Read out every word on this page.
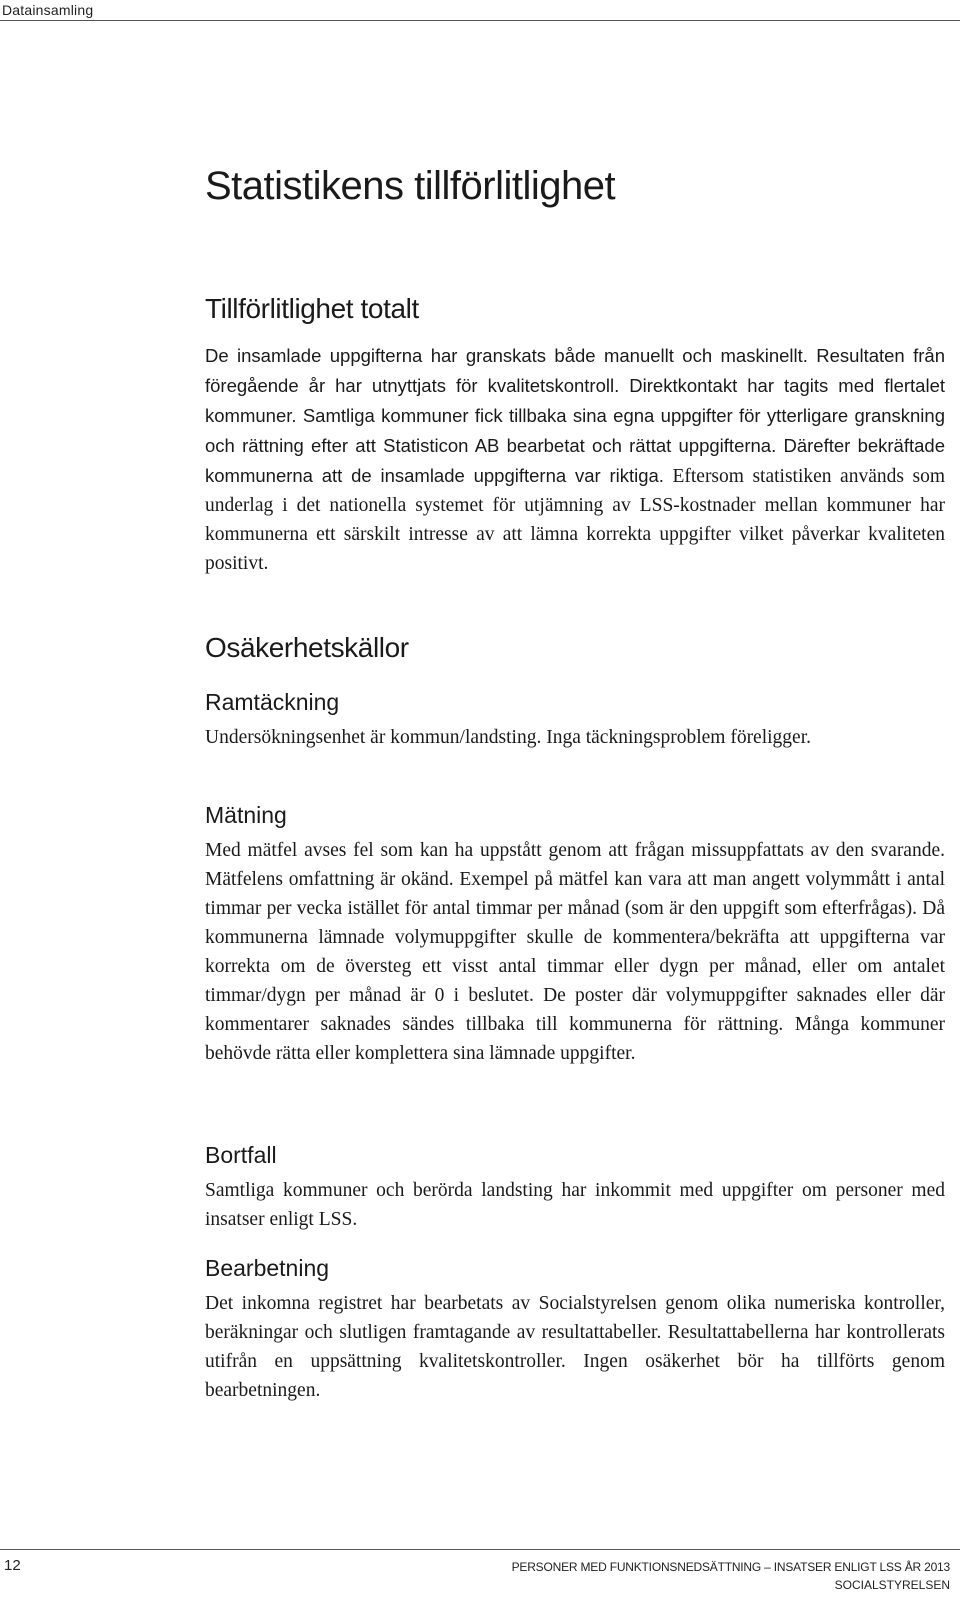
Datainsamling
Statistikens tillförlitlighet
Tillförlitlighet totalt

De insamlade uppgifterna har granskats både manuellt och maskinellt. Resultaten från föregående år har utnyttjats för kvalitetskontroll. Direktkontakt har tagits med flertalet kommuner. Samtliga kommuner fick tillbaka sina egna uppgifter för ytterligare granskning och rättning efter att Statisticon AB bearbetat och rättat uppgifterna. Därefter bekräftade kommunerna att de insamlade uppgifterna var riktiga. Eftersom statistiken används som underlag i det nationella systemet för utjämning av LSS-kostnader mellan kommuner har kommunerna ett särskilt intresse av att lämna korrekta uppgifter vilket påverkar kvaliteten positivt.

Osäkerhetskällor
Ramtäckning

Undersökningsenhet är kommun/landsting. Inga täckningsproblem föreligger.

Mätning

Med mätfel avses fel som kan ha uppstått genom att frågan missuppfattats av den svarande. Mätfelens omfattning är okänd. Exempel på mätfel kan vara att man angett volymmått i antal timmar per vecka istället för antal timmar per månad (som är den uppgift som efterfrågas). Då kommunerna lämnade volymuppgifter skulle de kommentera/bekräfta att uppgifterna var korrekta om de översteg ett visst antal timmar eller dygn per månad, eller om antalet timmar/dygn per månad är 0 i beslutet. De poster där volymuppgifter saknades eller där kommentarer saknades sändes tillbaka till kommunerna för rättning. Många kommuner behövde rätta eller komplettera sina lämnade uppgifter.

Bortfall

Samtliga kommuner och berörda landsting har inkommit med uppgifter om personer med insatser enligt LSS.

Bearbetning

Det inkomna registret har bearbetats av Socialstyrelsen genom olika numeriska kontroller, beräkningar och slutligen framtagande av resultattabeller. Resultattabellerna har kontrollerats utifrån en uppsättning kvalitetskontroller. Ingen osäkerhet bör ha tillförts genom bearbetningen.

12	PERSONER MED FUNKTIONSNEDSÄTTNING – INSATSER ENLIGT LSS ÅR 2013
SOCIALSTYRELSEN
